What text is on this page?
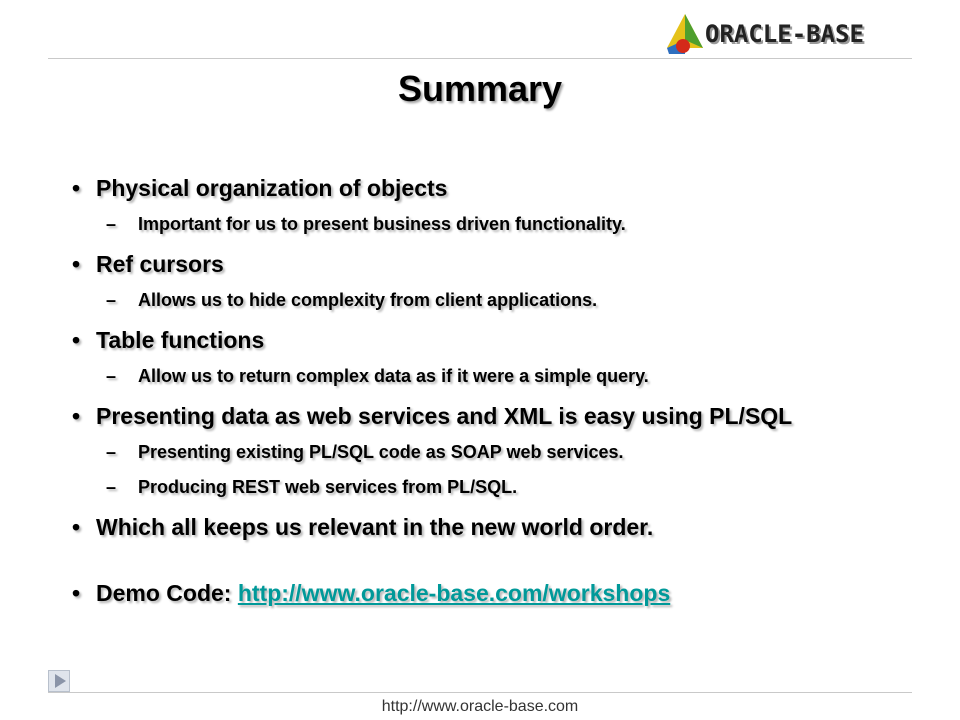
ORACLE-BASE
Summary
• Physical organization of objects
– Important for us to present business driven functionality.
• Ref cursors
– Allows us to hide complexity from client applications.
• Table functions
– Allow us to return complex data as if it were a simple query.
• Presenting data as web services and XML is easy using PL/SQL
– Presenting existing PL/SQL code as SOAP web services.
– Producing REST web services from PL/SQL.
• Which all keeps us relevant in the new world order.
• Demo Code: http://www.oracle-base.com/workshops
http://www.oracle-base.com
